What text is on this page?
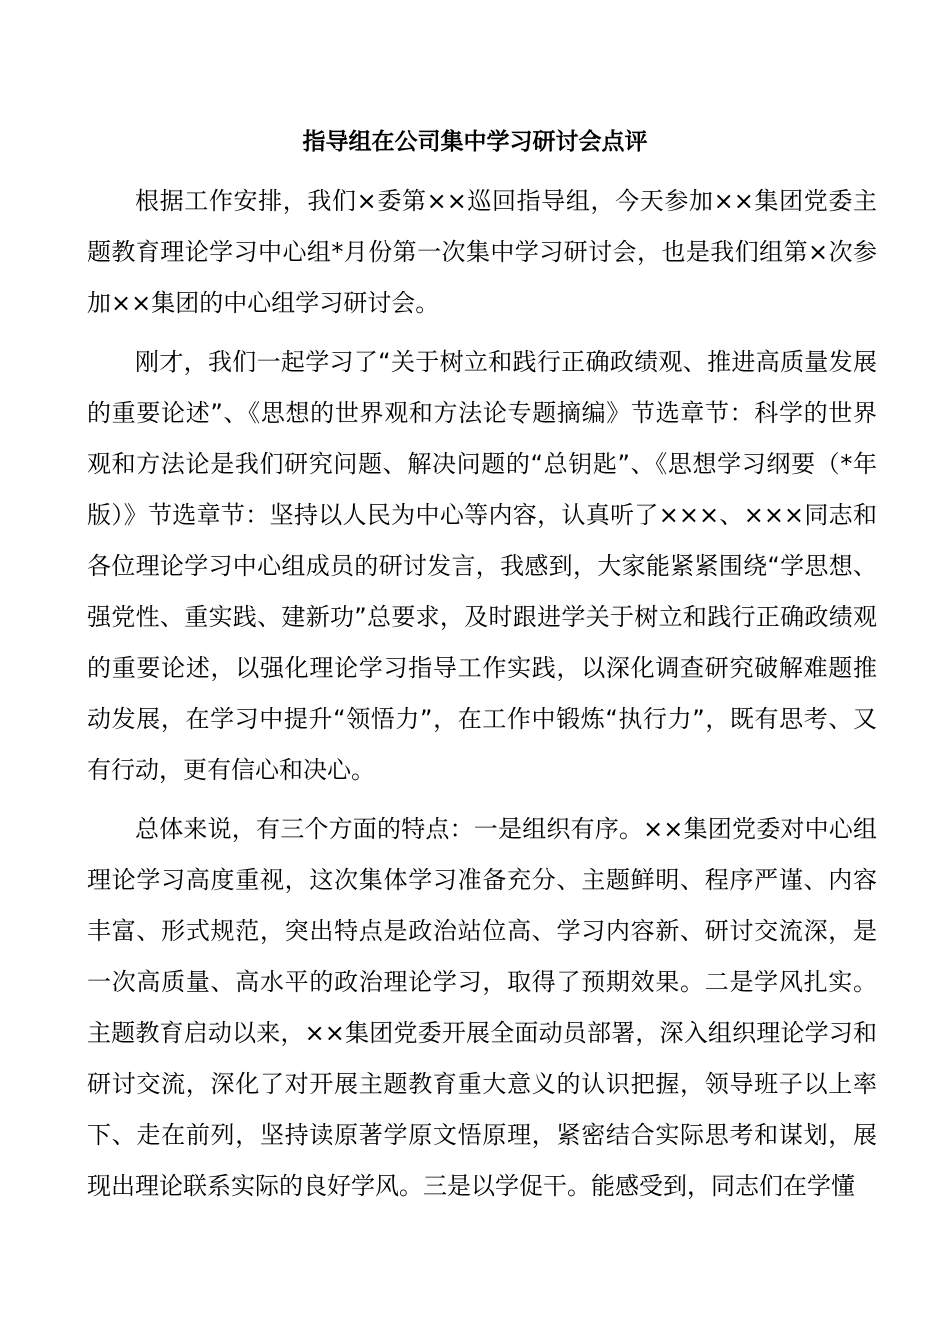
指导组在公司集中学习研讨会点评

根据工作安排，我们×委第××巡回指导组，今天参加××集团党委主题教育理论学习中心组*月份第一次集中学习研讨会，也是我们组第×次参加××集团的中心组学习研讨会。

刚才，我们一起学习了“关于树立和践行正确政绩观、推进高质量发展的重要论述”、《思想的世界观和方法论专题摘编》节选章节：科学的世界观和方法论是我们研究问题、解决问题的“总钥匙”、《思想学习纲要（*年版）》节选章节：坚持以人民为中心等内容，认真听了×××、×××同志和各位理论学习中心组成员的研讨发言，我感到，大家能紧紧围绕“学思想、强党性、重实践、建新功”总要求，及时跟进学关于树立和践行正确政绩观的重要论述，以强化理论学习指导工作实践，以深化调查研究破解难题推动发展，在学习中提升“领悟力”，在工作中锻炼“执行力”，既有思考、又有行动，更有信心和决心。

总体来说，有三个方面的特点：一是组织有序。××集团党委对中心组理论学习高度重视，这次集体学习准备充分、主题鲜明、程序严谨、内容丰富、形式规范，突出特点是政治站位高、学习内容新、研讨交流深，是一次高质量、高水平的政治理论学习，取得了预期效果。二是学风扎实。主题教育启动以来，××集团党委开展全面动员部署，深入组织理论学习和研讨交流，深化了对开展主题教育重大意义的认识把握，领导班子以上率下、走在前列，坚持读原著学原文悟原理，紧密结合实际思考和谋划，展现出理论联系实际的良好学风。三是以学促干。能感受到，同志们在学懂
